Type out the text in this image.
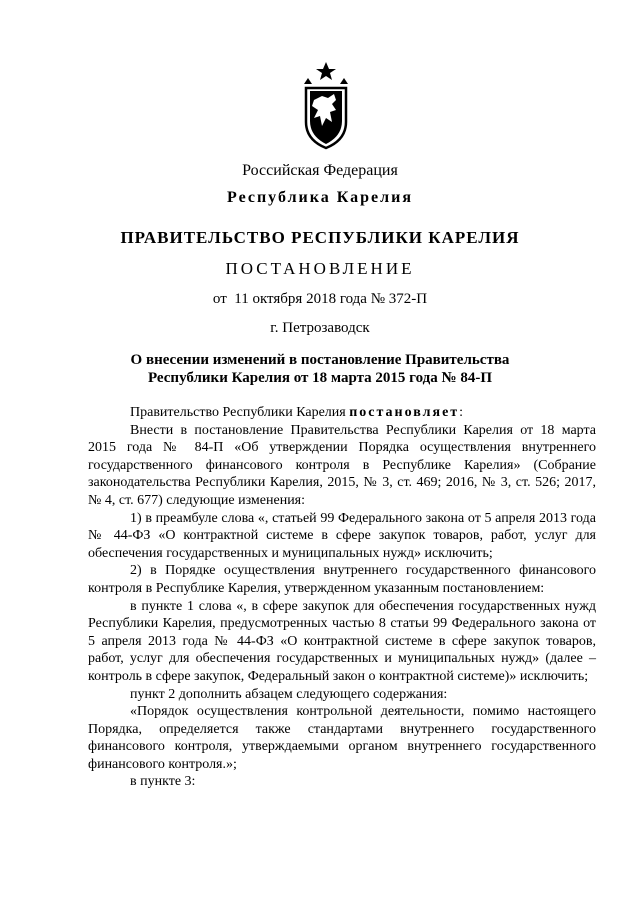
Российская Федерация
Республика Карелия
ПРАВИТЕЛЬСТВО РЕСПУБЛИКИ КАРЕЛИЯ
ПОСТАНОВЛЕНИЕ
от  11 октября 2018 года № 372-П
г. Петрозаводск
О внесении изменений в постановление Правительства
Республики Карелия от 18 марта 2015 года № 84-П

Правительство Республики Карелия постановляет:

Внести в постановление Правительства Республики Карелия от 18 марта 2015 года № 84-П «Об утверждении Порядка осуществления внутреннего государственного финансового контроля в Республике Карелия» (Собрание законодательства Республики Карелия, 2015, № 3, ст. 469; 2016, № 3, ст. 526; 2017, № 4, ст. 677) следующие изменения:

1) в преамбуле слова «, статьей 99 Федерального закона от 5 апреля 2013 года № 44-ФЗ «О контрактной системе в сфере закупок товаров, работ, услуг для обеспечения государственных и муниципальных нужд» исключить;

2) в Порядке осуществления внутреннего государственного финансового контроля в Республике Карелия, утвержденном указанным постановлением:

в пункте 1 слова «, в сфере закупок для обеспечения государственных нужд Республики Карелия, предусмотренных частью 8 статьи 99 Федерального закона от 5 апреля 2013 года № 44-ФЗ «О контрактной системе в сфере закупок товаров, работ, услуг для обеспечения государственных и муниципальных нужд» (далее – контроль в сфере закупок, Федеральный закон о контрактной системе)» исключить;

пункт 2 дополнить абзацем следующего содержания:

«Порядок осуществления контрольной деятельности, помимо настоящего Порядка, определяется также стандартами внутреннего государственного финансового контроля, утверждаемыми органом внутреннего государственного финансового контроля.»;

в пункте 3:
